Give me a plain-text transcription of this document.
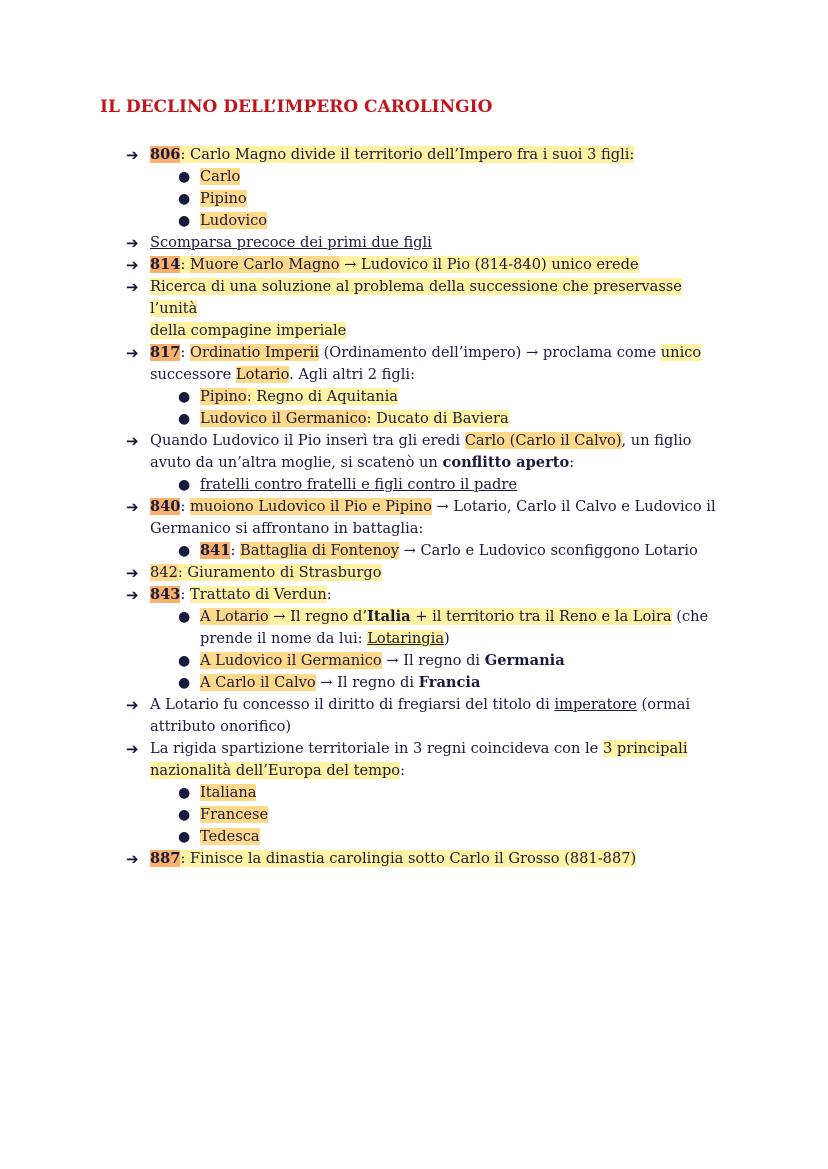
IL DECLINO DELL’IMPERO CAROLINGIO
➔ 806: Carlo Magno divide il territorio dell’Impero fra i suoi 3 figli:
● Carlo
● Pipino
● Ludovico
➔ Scomparsa precoce dei primi due figli
➔ 814: Muore Carlo Magno → Ludovico il Pio (814-840) unico erede
➔ Ricerca di una soluzione al problema della successione che preservasse l’unità
della compagine imperiale
➔ 817: Ordinatio Imperii (Ordinamento dell’impero) → proclama come unico
successore Lotario. Agli altri 2 figli:
● Pipino: Regno di Aquitania
● Ludovico il Germanico: Ducato di Baviera
➔ Quando Ludovico il Pio inserì tra gli eredi Carlo (Carlo il Calvo), un figlio
avuto da un’altra moglie, si scatenò un conflitto aperto:
● fratelli contro fratelli e figli contro il padre
➔ 840: muoiono Ludovico il Pio e Pipino → Lotario, Carlo il Calvo e Ludovico il
Germanico si affrontano in battaglia:
● 841: Battaglia di Fontenoy → Carlo e Ludovico sconfiggono Lotario
➔ 842: Giuramento di Strasburgo
➔ 843: Trattato di Verdun:
● A Lotario → Il regno d’Italia + il territorio tra il Reno e la Loira (che
prende il nome da lui: Lotaringia)
● A Ludovico il Germanico → Il regno di Germania
● A Carlo il Calvo → Il regno di Francia
➔ A Lotario fu concesso il diritto di fregiarsi del titolo di imperatore (ormai
attributo onorifico)
➔ La rigida spartizione territoriale in 3 regni coincideva con le 3 principali
nazionalità dell’Europa del tempo:
● Italiana
● Francese
● Tedesca
➔ 887: Finisce la dinastia carolingia sotto Carlo il Grosso (881-887)
